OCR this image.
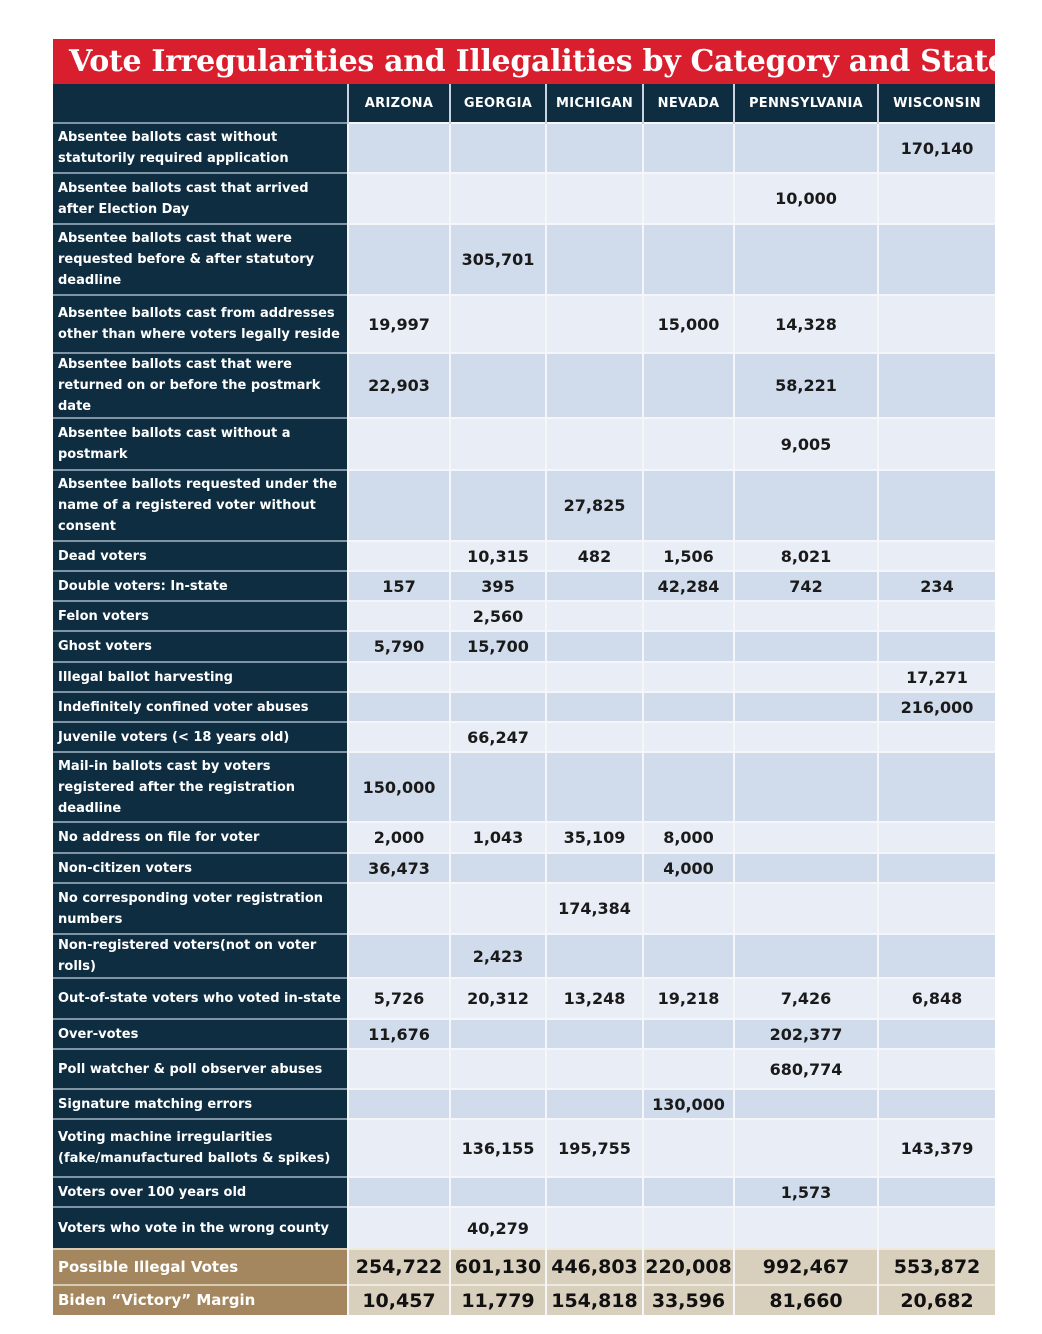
Vote Irregularities and Illegalities by Category and State
	ARIZONA	GEORGIA	MICHIGAN	NEVADA	PENNSYLVANIA	WISCONSIN
Absentee ballots cast without statutorily required application						170,140
Absentee ballots cast that arrived after Election Day					10,000	
Absentee ballots cast that were requested before & after statutory deadline		305,701				
Absentee ballots cast from addresses other than where voters legally reside	19,997			15,000	14,328	
Absentee ballots cast that were returned on or before the postmark date	22,903				58,221	
Absentee ballots cast without a postmark					9,005	
Absentee ballots requested under the name of a registered voter without consent			27,825			
Dead voters		10,315	482	1,506	8,021	
Double voters: In-state	157	395		42,284	742	234
Felon voters		2,560				
Ghost voters	5,790	15,700				
Illegal ballot harvesting						17,271
Indefinitely confined voter abuses						216,000
Juvenile voters (< 18 years old)		66,247				
Mail-in ballots cast by voters registered after the registration deadline	150,000					
No address on file for voter	2,000	1,043	35,109	8,000		
Non-citizen voters	36,473			4,000		
No corresponding voter registration numbers			174,384			
Non-registered voters(not on voter rolls)		2,423				
Out-of-state voters who voted in-state	5,726	20,312	13,248	19,218	7,426	6,848
Over-votes	11,676				202,377	
Poll watcher & poll observer abuses					680,774	
Signature matching errors				130,000		
Voting machine irregularities (fake/manufactured ballots & spikes)		136,155	195,755			143,379
Voters over 100 years old					1,573	
Voters who vote in the wrong county		40,279				
Possible Illegal Votes	254,722	601,130	446,803	220,008	992,467	553,872
Biden “Victory” Margin	10,457	11,779	154,818	33,596	81,660	20,682
